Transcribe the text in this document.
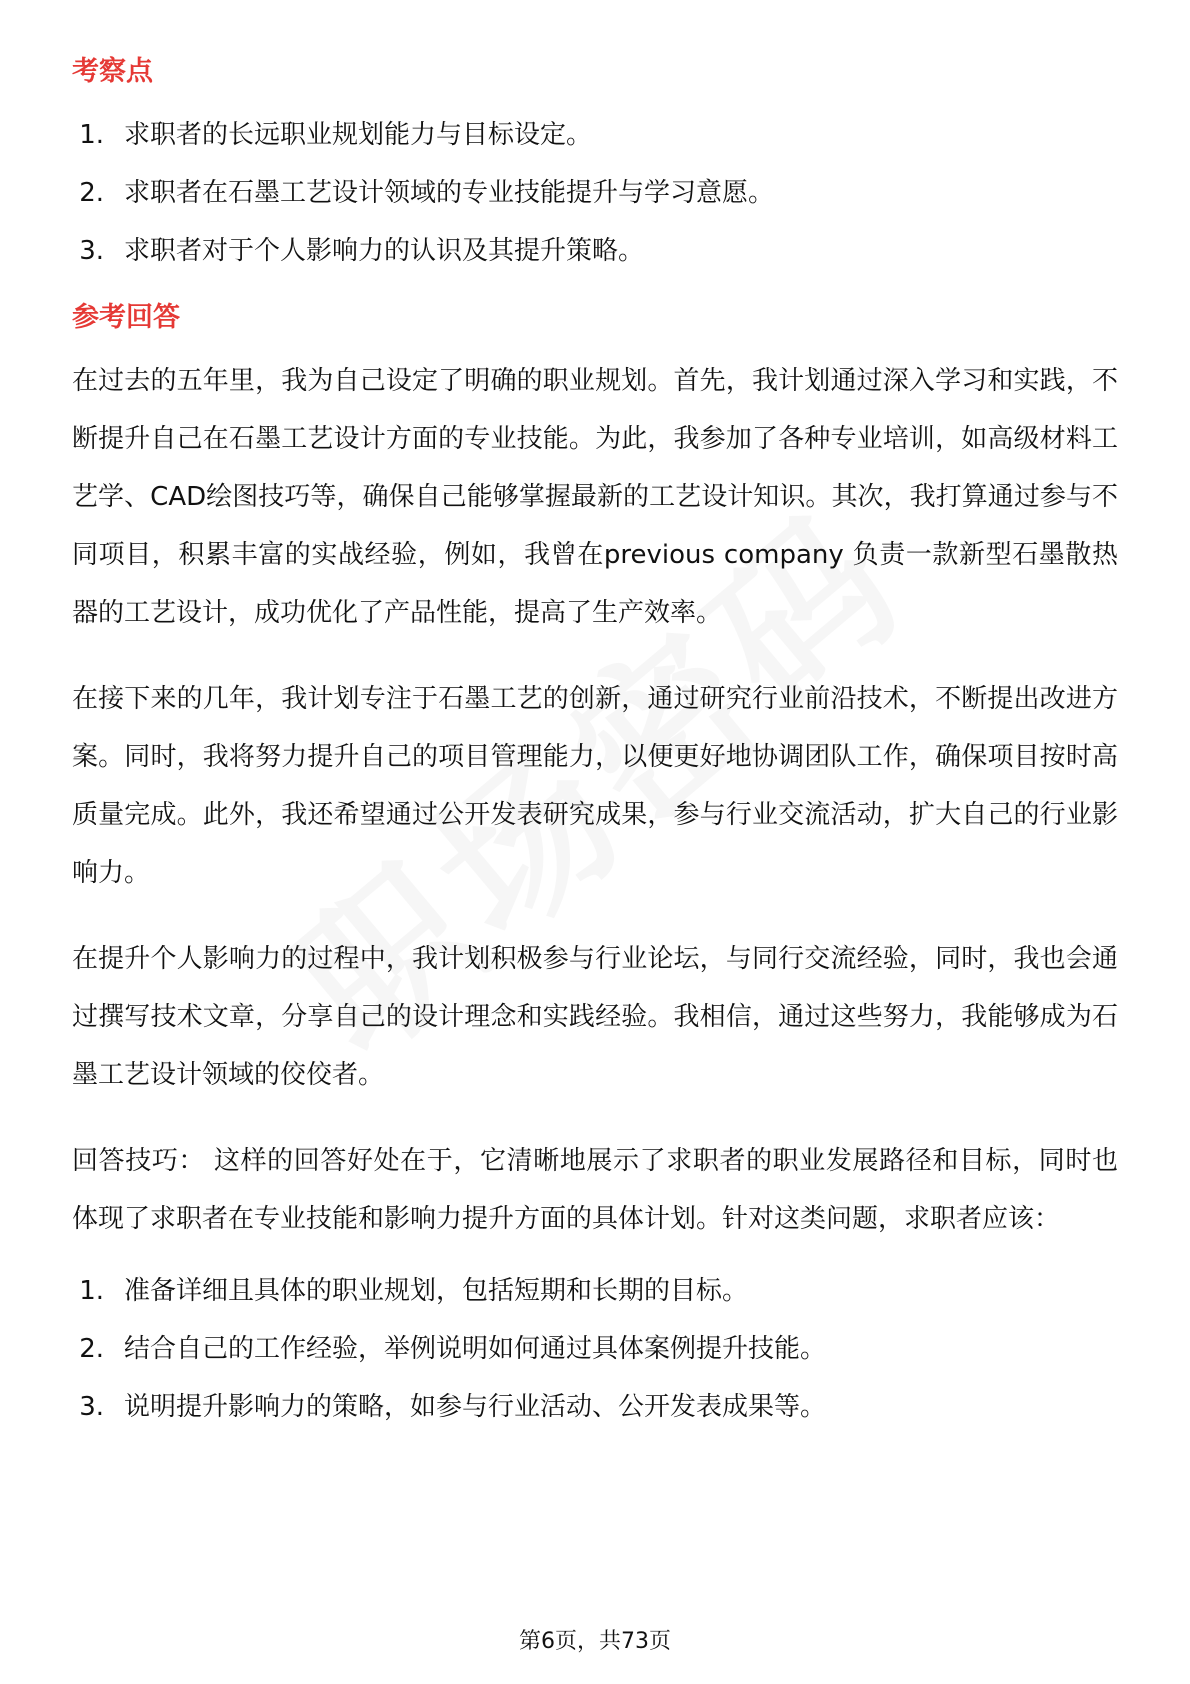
考察点
1. 求职者的长远职业规划能力与目标设定。
2. 求职者在石墨工艺设计领域的专业技能提升与学习意愿。
3. 求职者对于个人影响力的认识及其提升策略。
参考回答

在过去的五年里，我为自己设定了明确的职业规划。首先，我计划通过深入学习和实践，不断提升自己在石墨工艺设计方面的专业技能。为此，我参加了各种专业培训，如高级材料工艺学、CAD绘图技巧等，确保自己能够掌握最新的工艺设计知识。其次，我打算通过参与不同项目，积累丰富的实战经验，例如，我曾在previous company 负责一款新型石墨散热器的工艺设计，成功优化了产品性能，提高了生产效率。

在接下来的几年，我计划专注于石墨工艺的创新，通过研究行业前沿技术，不断提出改进方案。同时，我将努力提升自己的项目管理能力，以便更好地协调团队工作，确保项目按时高质量完成。此外，我还希望通过公开发表研究成果，参与行业交流活动，扩大自己的行业影响力。

在提升个人影响力的过程中，我计划积极参与行业论坛，与同行交流经验，同时，我也会通过撰写技术文章，分享自己的设计理念和实践经验。我相信，通过这些努力，我能够成为石墨工艺设计领域的佼佼者。

回答技巧： 这样的回答好处在于，它清晰地展示了求职者的职业发展路径和目标，同时也体现了求职者在专业技能和影响力提升方面的具体计划。针对这类问题，求职者应该：

1. 准备详细且具体的职业规划，包括短期和长期的目标。
2. 结合自己的工作经验，举例说明如何通过具体案例提升技能。
3. 说明提升影响力的策略，如参与行业活动、公开发表成果等。
第6页，共73页
